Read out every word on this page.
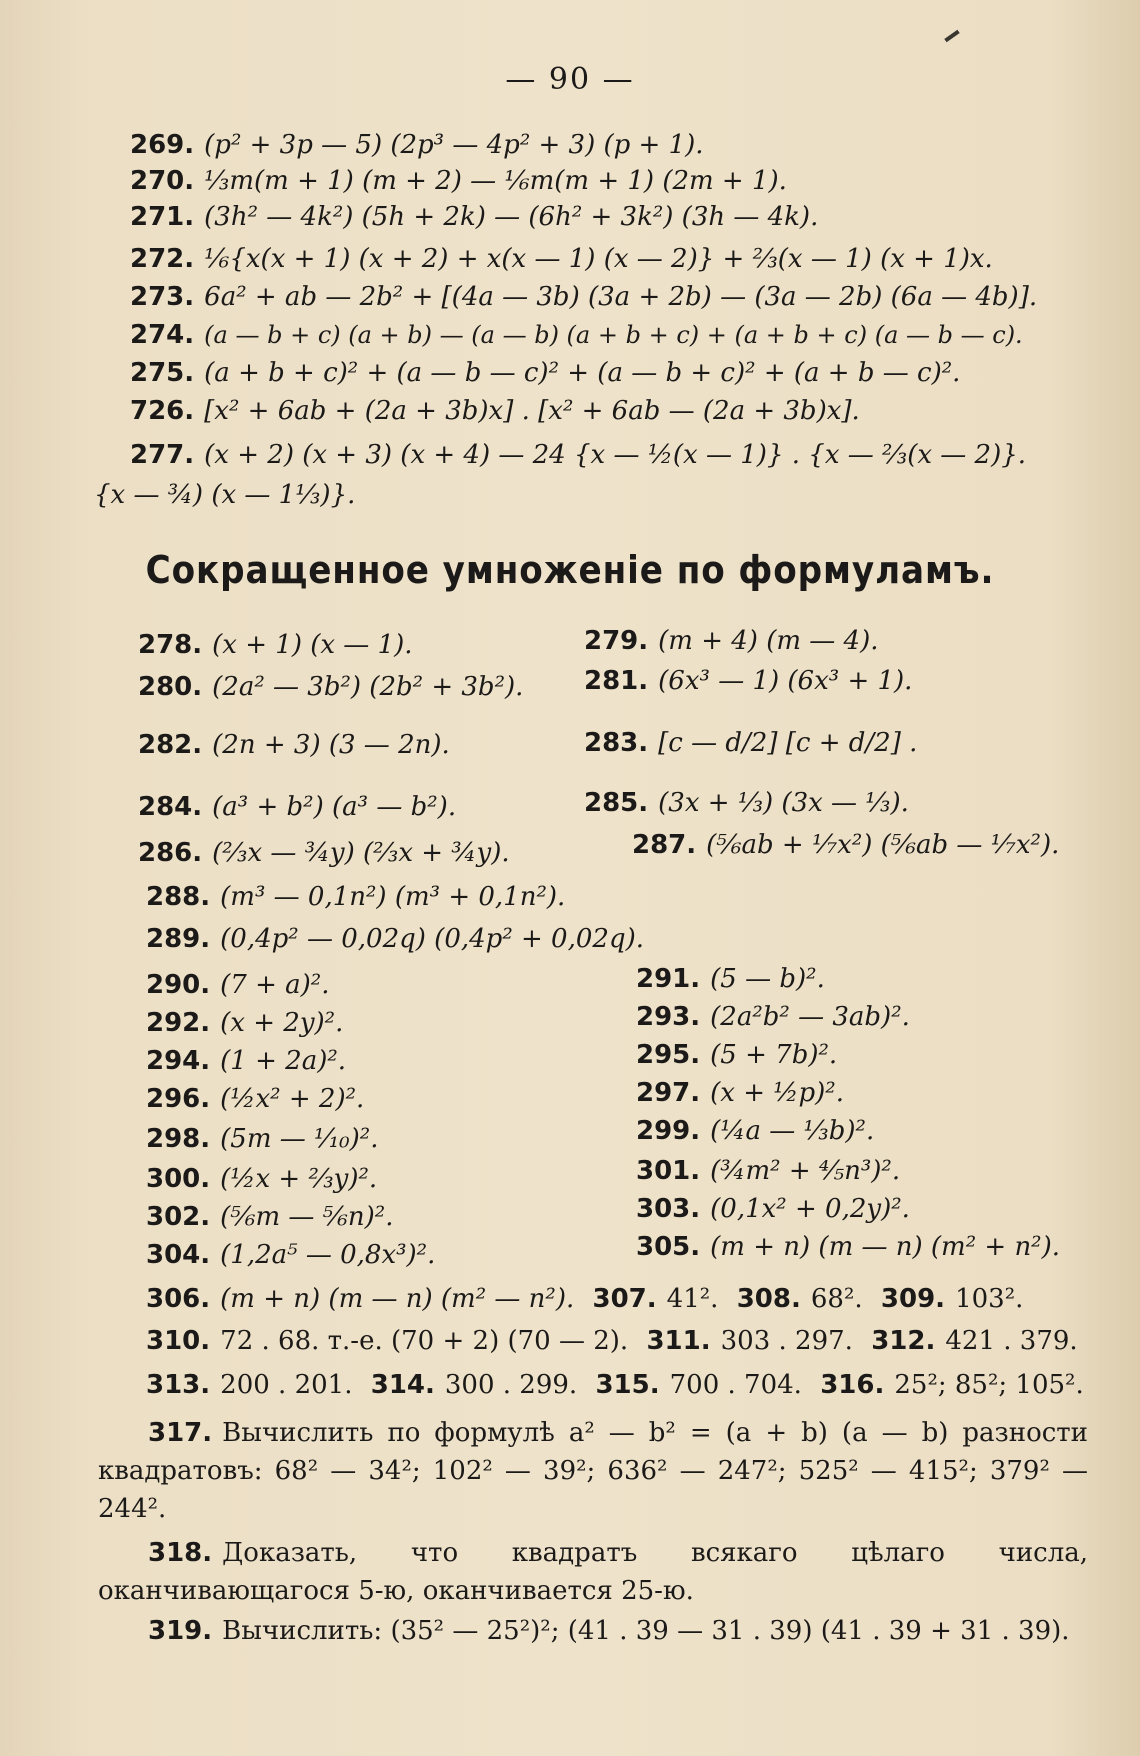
— 90 —
269. (p² + 3p — 5) (2p³ — 4p² + 3) (p + 1).
270. ⅓m(m + 1) (m + 2) — ⅙m(m + 1) (2m + 1).
271. (3h² — 4k²) (5h + 2k) — (6h² + 3k²) (3h — 4k).
272. ⅙{x(x + 1) (x + 2) + x(x — 1) (x — 2)} + ⅔(x — 1) (x + 1)x.
273. 6a² + ab — 2b² + [(4a — 3b) (3a + 2b) — (3a — 2b) (6a — 4b)].
274. (a — b + c) (a + b) — (a — b) (a + b + c) + (a + b + c) (a — b — c).
275. (a + b + c)² + (a — b — c)² + (a — b + c)² + (a + b — c)².
726. [x² + 6ab + (2a + 3b)x] . [x² + 6ab — (2a + 3b)x].
277. (x + 2) (x + 3) (x + 4) — 24 {x — ½(x — 1)} . {x — ⅔(x — 2)}.
{x — ¾) (x — 1⅓)}.
Сокращенное умноженіе по формуламъ.
278. (x + 1) (x — 1).	279. (m + 4) (m — 4).
280. (2a² — 3b²) (2b² + 3b²). 281. (6x³ — 1) (6x³ + 1).
282. (2n + 3) (3 — 2n).	283. [c — d/2] [c + d/2] .
284. (a³ + b²) (a³ — b²).	285. (3x + ⅓) (3x — ⅓).
286. (⅔x — ¾y) (⅔x + ¾y).	287. (⅚ab + ⅐x²) (⅚ab — ⅐x²).
288. (m³ — 0,1n²) (m³ + 0,1n²).
289. (0,4p² — 0,02q) (0,4p² + 0,02q).
290. (7 + a)².	291. (5 — b)².
292. (x + 2y)².	293. (2a²b² — 3ab)².
294. (1 + 2a)².	295. (5 + 7b)².
296. (½x² + 2)².	297. (x + ½p)².
298. (5m — ⅒)².	299. (¼a — ⅓b)².
300. (½x + ⅔y)².	301. (¾m² + ⅘n³)².
302. (⅚m — ⅚n)².	303. (0,1x² + 0,2y)².
304. (1,2a⁵ — 0,8x³)².	305. (m + n) (m — n) (m² + n²).
306. (m + n) (m — n) (m² — n²). 307. 41². 308. 68². 309. 103².
310. 72 . 68. т.-е. (70 + 2) (70 — 2). 311. 303 . 297. 312. 421 . 379.
313. 200 . 201. 314. 300 . 299. 315. 700 . 704. 316. 25²; 85²; 105².
317. Вычислить по формулѣ a² — b² = (a + b) (a — b) разности квадратовъ: 68² — 34²; 102² — 39²; 636² — 247²; 525² — 415²; 379² — 244².
318. Доказать, что квадратъ всякаго цѣлаго числа, оканчивающагося 5-ю, оканчивается 25-ю.
319. Вычислить: (35² — 25²)²; (41 . 39 — 31 . 39) (41 . 39 + 31 . 39).
